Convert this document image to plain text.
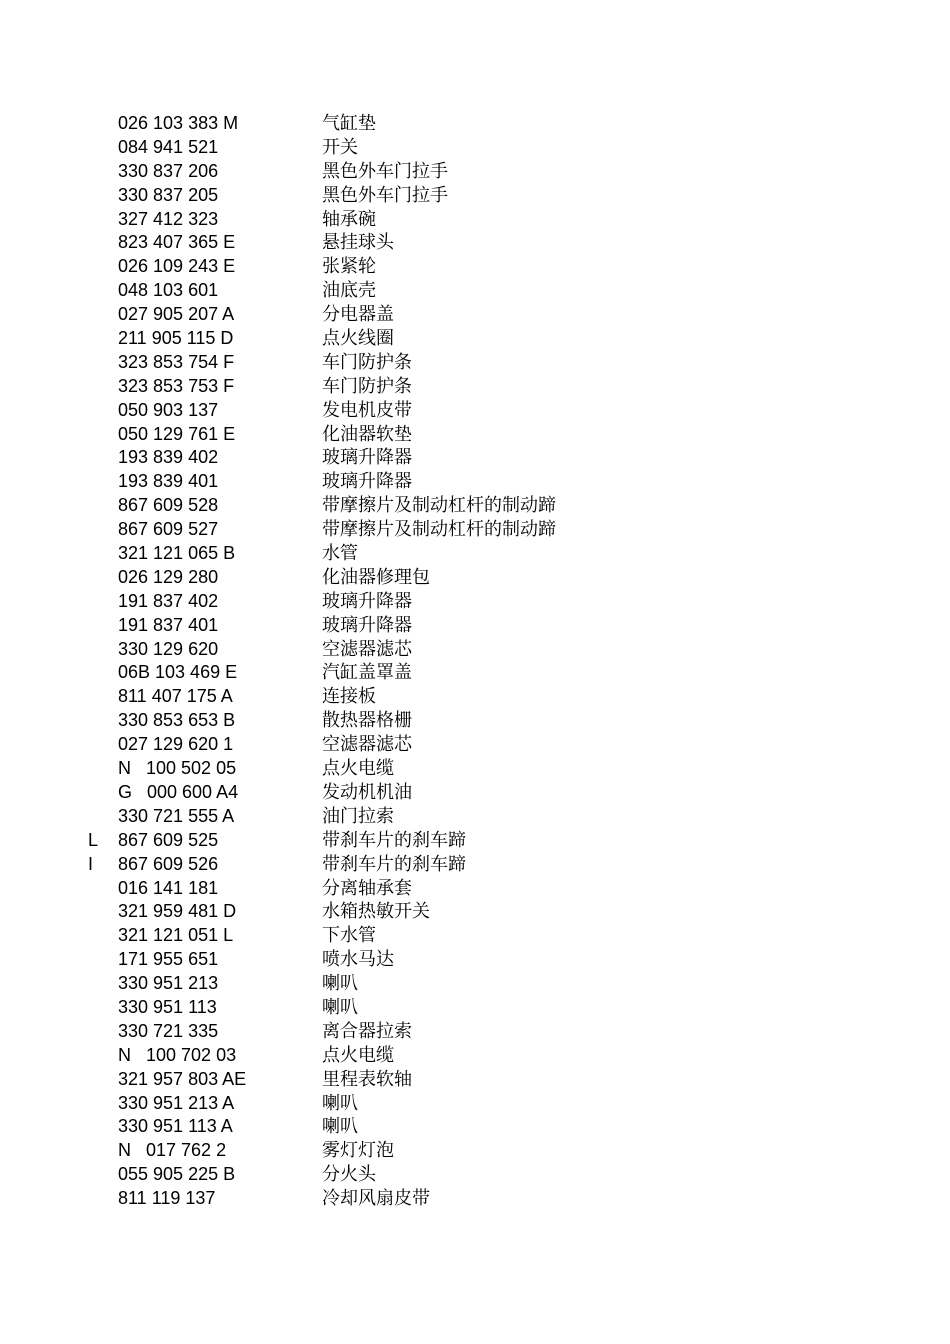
026 103 383 M	气缸垫
084 941 521	开关
330 837 206	黑色外车门拉手
330 837 205	黑色外车门拉手
327 412 323	轴承碗
823 407 365 E	悬挂球头
026 109 243 E	张紧轮
048 103 601	油底壳
027 905 207 A	分电器盖
211 905 115 D	点火线圈
323 853 754 F	车门防护条
323 853 753 F	车门防护条
050 903 137	发电机皮带
050 129 761 E	化油器软垫
193 839 402	玻璃升降器
193 839 401	玻璃升降器
867 609 528	带摩擦片及制动杠杆的制动蹄
867 609 527	带摩擦片及制动杠杆的制动蹄
321 121 065 B	水管
026 129 280	化油器修理包
191 837 402	玻璃升降器
191 837 401	玻璃升降器
330 129 620	空滤器滤芯
06B 103 469 E	汽缸盖罩盖
811 407 175 A	连接板
330 853 653 B	散热器格栅
027 129 620 1	空滤器滤芯
N   100 502 05	点火电缆
G   000 600 A4	发动机机油
330 721 555 A	油门拉索
L 867 609 525	带刹车片的刹车蹄
I 867 609 526	带刹车片的刹车蹄
016 141 181	分离轴承套
321 959 481 D	水箱热敏开关
321 121 051 L	下水管
171 955 651	喷水马达
330 951 213	喇叭
330 951 113	喇叭
330 721 335	离合器拉索
N   100 702 03	点火电缆
321 957 803 AE	里程表软轴
330 951 213 A	喇叭
330 951 113 A	喇叭
N   017 762 2	雾灯灯泡
055 905 225 B	分火头
811 119 137	冷却风扇皮带
